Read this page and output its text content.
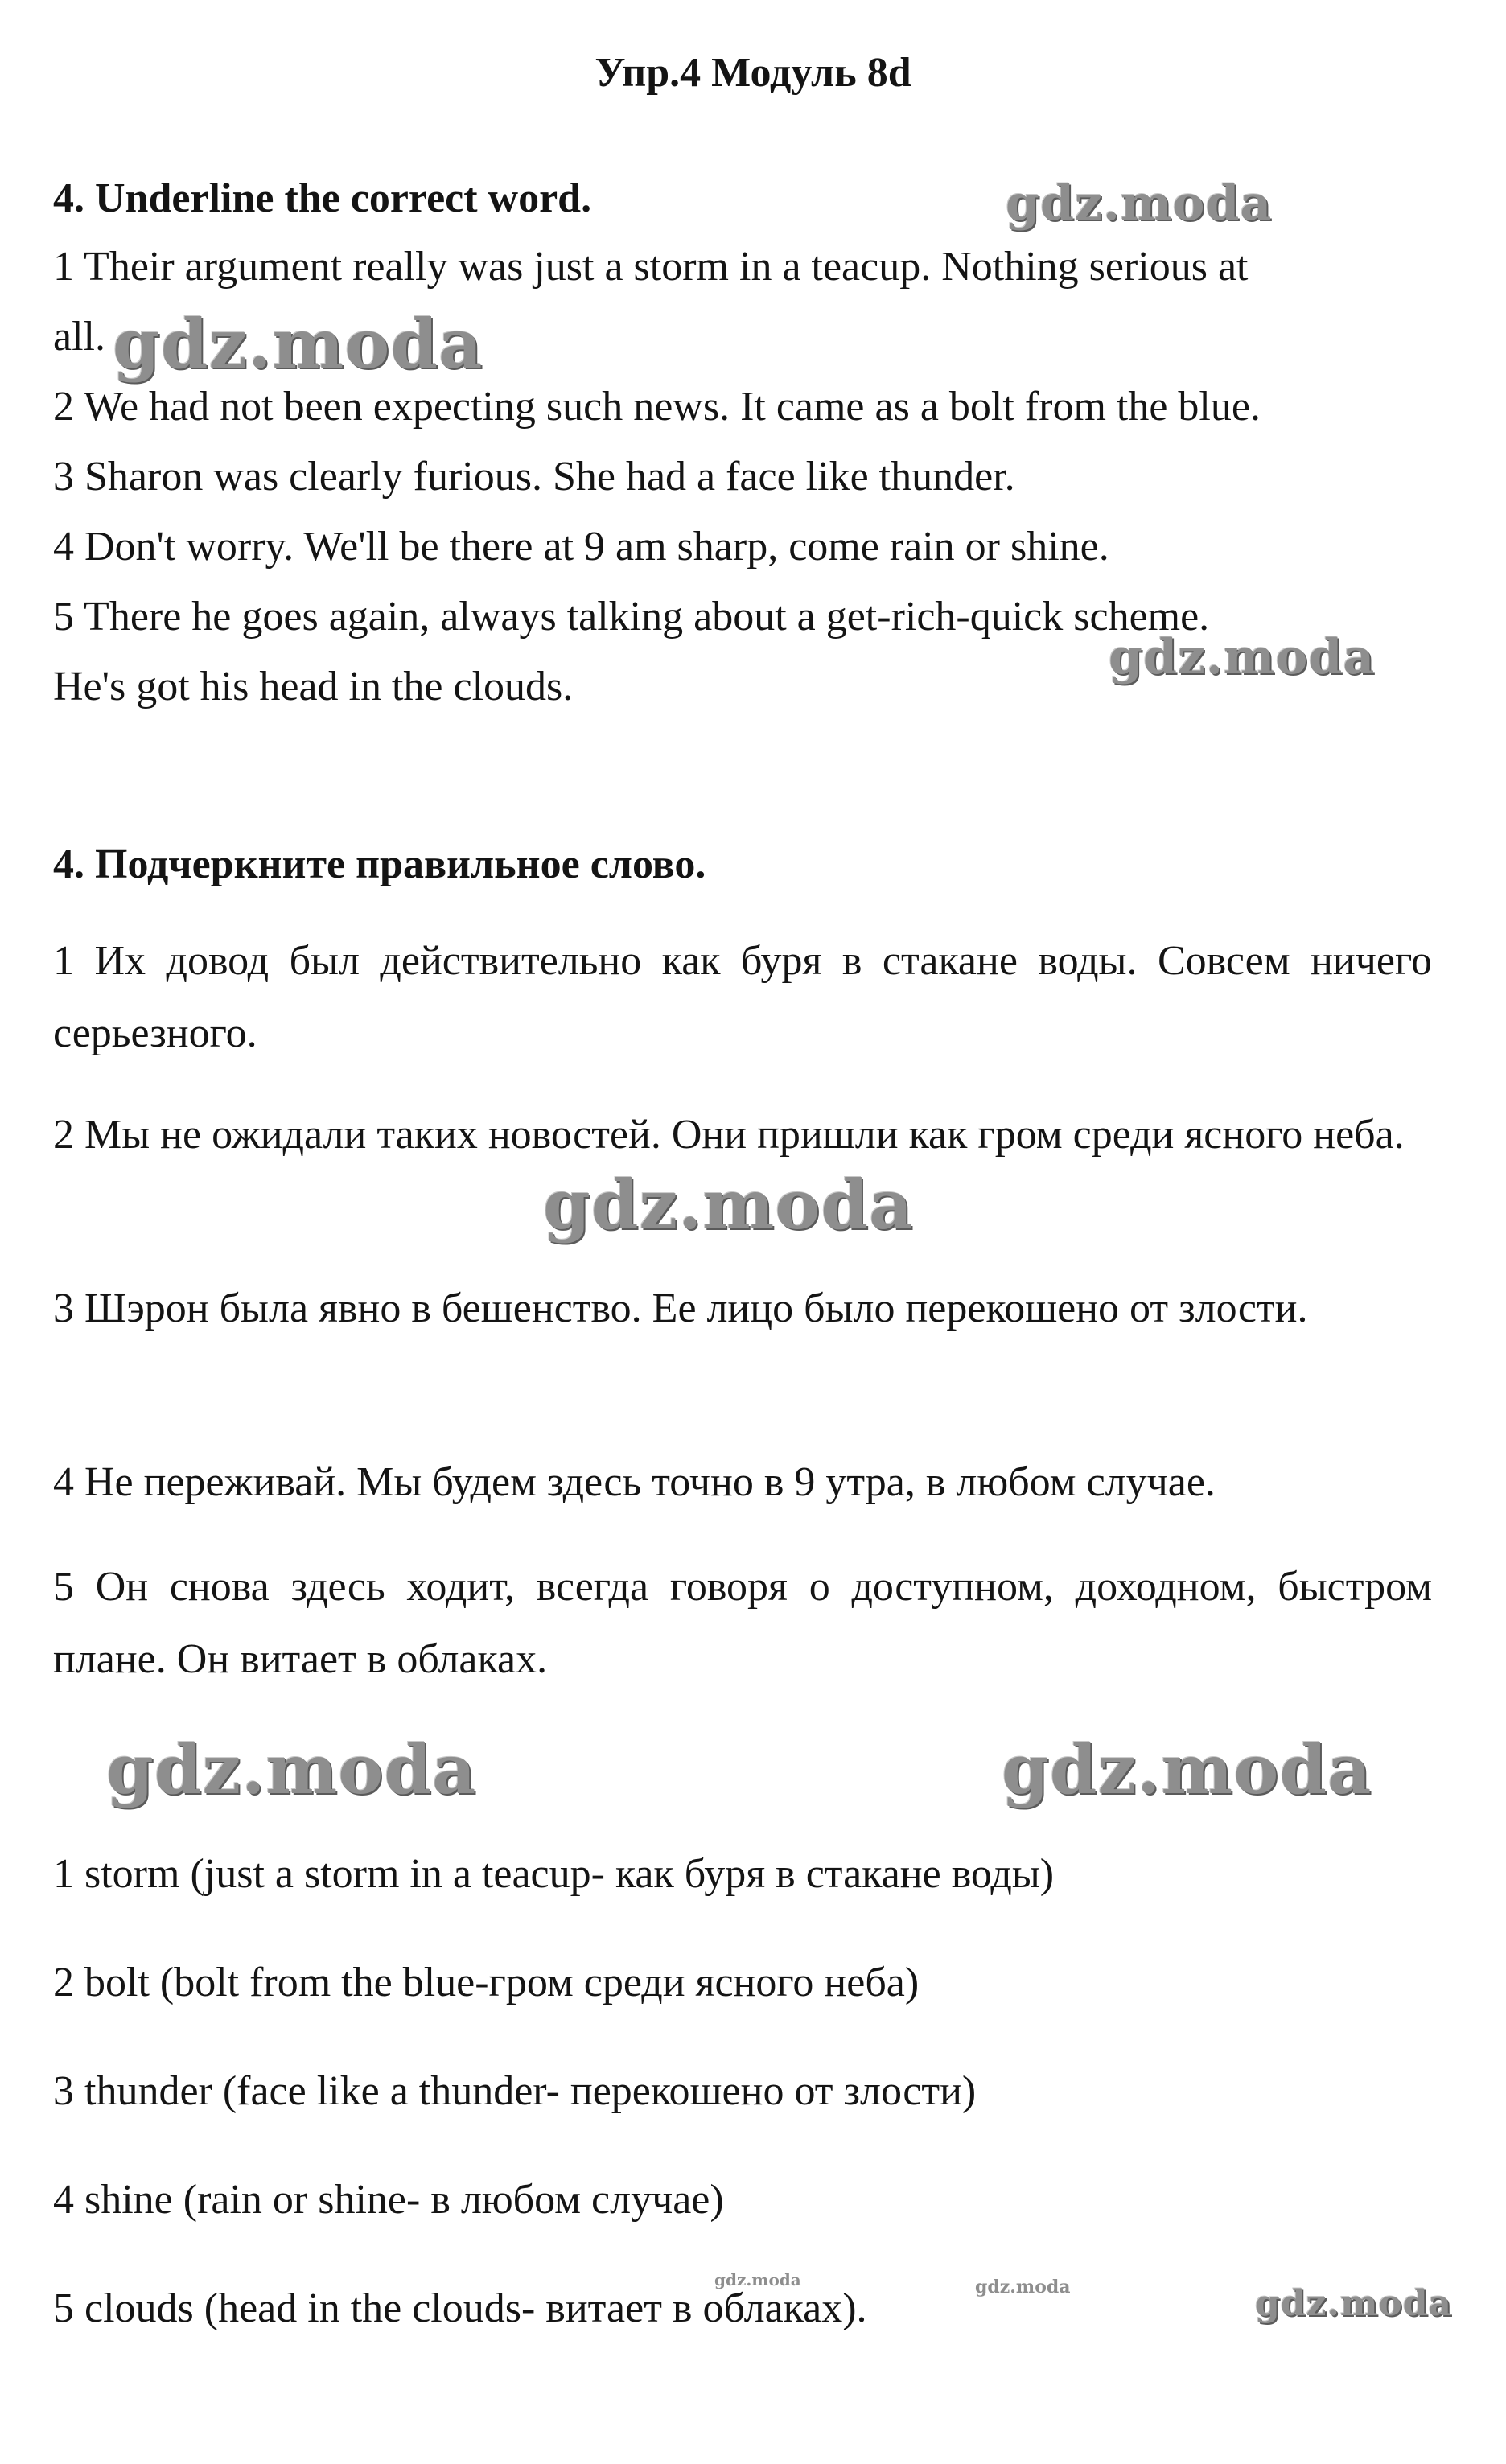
Упр.4 Модуль 8d
4. Underline the correct word.
1 Their argument really was just a storm in a teacup. Nothing serious at
all.
2 We had not been expecting such news. It came as a bolt from the blue.
3 Sharon was clearly furious. She had a face like thunder.
4 Don't worry. We'll be there at 9 am sharp, come rain or shine.
5 There he goes again, always talking about a get-rich-quick scheme.
He's got his head in the clouds.
4. Подчеркните правильное слово.
1 Их довод был действительно как буря в стакане воды. Совсем ничего серьезного.
2 Мы не ожидали таких новостей. Они пришли как гром среди ясного неба.
3 Шэрон была явно в бешенство. Ее лицо было перекошено от злости.
4 Не переживай. Мы будем здесь точно в 9 утра, в любом случае.
5 Он снова здесь ходит, всегда говоря о доступном, доходном, быстром плане. Он витает в облаках.
1 storm (just a storm in a teacup- как буря в стакане воды)
2 bolt (bolt from the blue-гром среди ясного неба)
3 thunder (face like a thunder- перекошено от злости)
4 shine (rain or shine- в любом случае)
5 clouds (head in the clouds- витает в облаках).
gdz.moda
gdz.moda
gdz.moda
gdz.moda
gdz.moda	gdz.moda
gdz.moda	gdz.moda	gdz.moda
